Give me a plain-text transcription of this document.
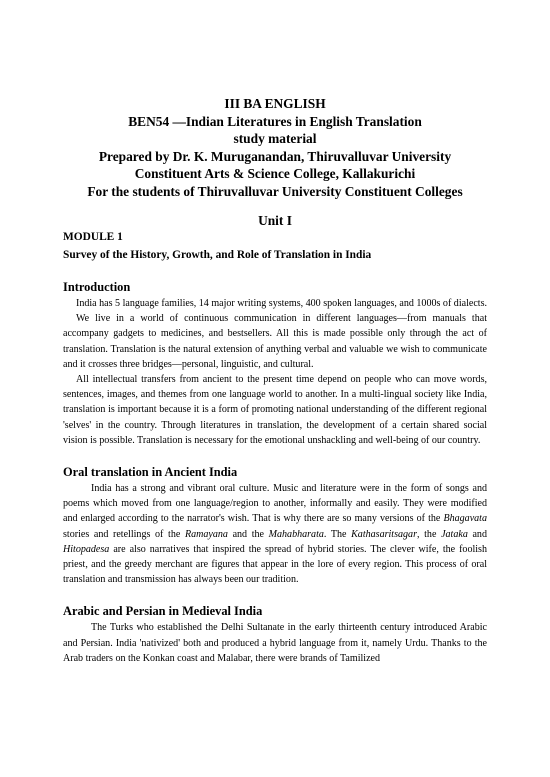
III BA ENGLISH
BEN54 —Indian Literatures in English Translation
study material
Prepared by Dr. K. Muruganandan, Thiruvalluvar University
Constituent Arts & Science College, Kallakurichi
For the students of Thiruvalluvar University Constituent Colleges
Unit I
MODULE 1
Survey of the History, Growth, and Role of Translation in India
Introduction

India has 5 language families, 14 major writing systems, 400 spoken languages, and 1000s of dialects.

We live in a world of continuous communication in different languages—from manuals that accompany gadgets to medicines, and bestsellers. All this is made possible only through the act of translation. Translation is the natural extension of anything verbal and valuable we wish to communicate and it crosses three bridges—personal, linguistic, and cultural.

All intellectual transfers from ancient to the present time depend on people who can move words, sentences, images, and themes from one language world to another. In a multi-lingual society like India, translation is important because it is a form of promoting national understanding of the different regional 'selves' in the country. Through literatures in translation, the development of a certain shared social vision is possible. Translation is necessary for the emotional unshackling and well-being of our country.

Oral translation in Ancient India

India has a strong and vibrant oral culture. Music and literature were in the form of songs and poems which moved from one language/region to another, informally and easily. They were modified and enlarged according to the narrator's wish. That is why there are so many versions of the Bhagavata stories and retellings of the Ramayana and the Mahabharata. The Kathasaritsagar, the Jataka and Hitopadesa are also narratives that inspired the spread of hybrid stories. The clever wife, the foolish priest, and the greedy merchant are figures that appear in the lore of every region. This process of oral translation and transmission has always been our tradition.

Arabic and Persian in Medieval India

The Turks who established the Delhi Sultanate in the early thirteenth century introduced Arabic and Persian. India 'nativized' both and produced a hybrid language from it, namely Urdu. Thanks to the Arab traders on the Konkan coast and Malabar, there were brands of Tamilized
